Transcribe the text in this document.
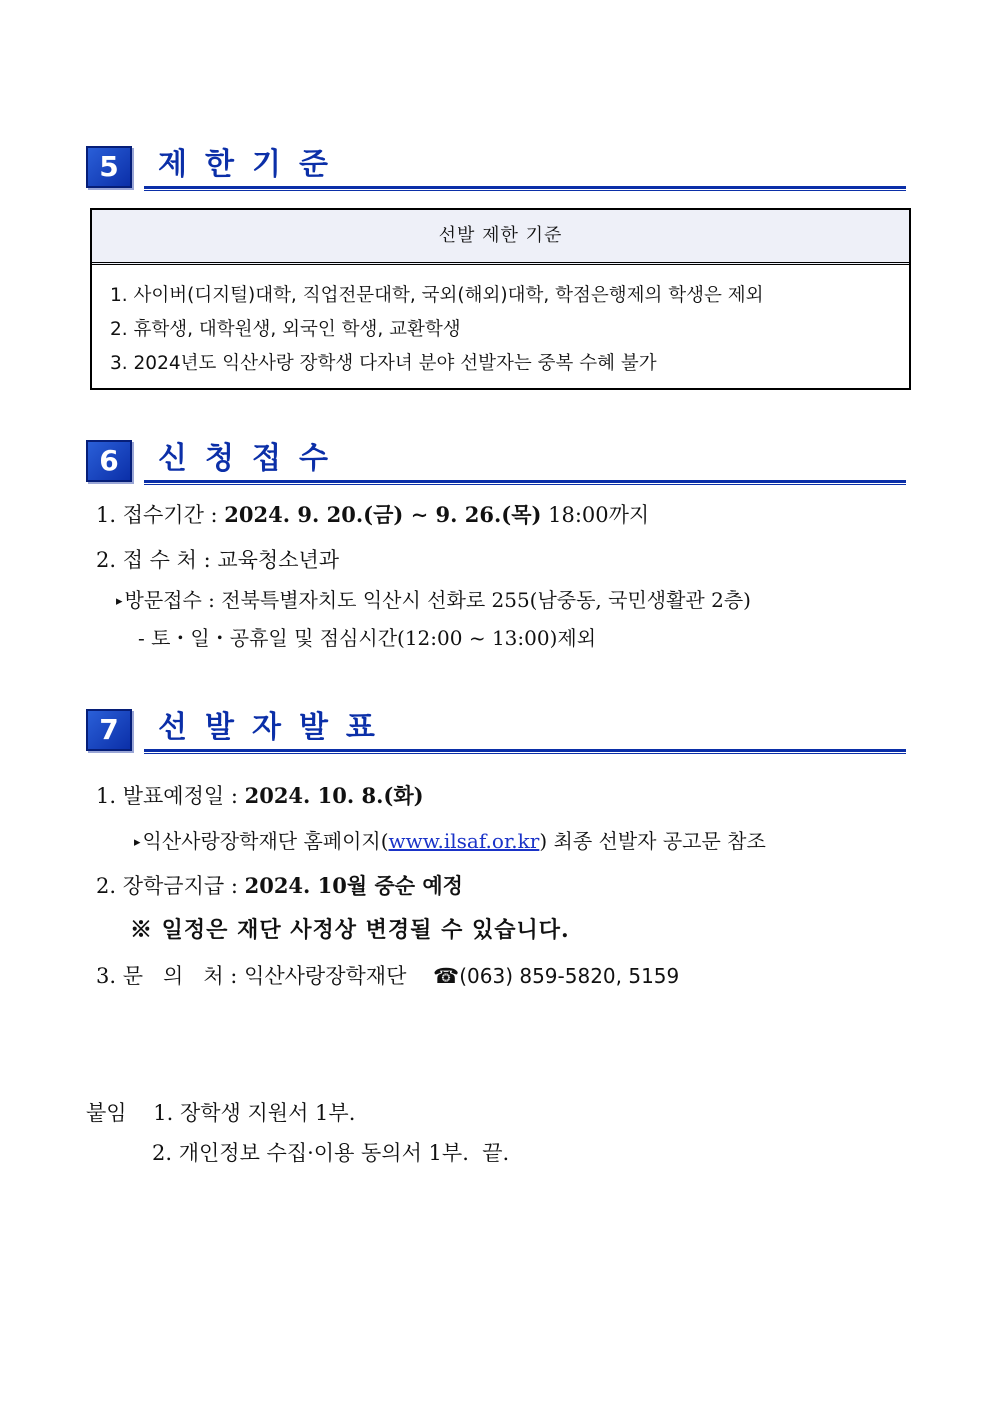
5	제한기준
선발 제한 기준
1. 사이버(디지털)대학, 직업전문대학, 국외(해외)대학, 학점은행제의 학생은 제외
2. 휴학생, 대학원생, 외국인 학생, 교환학생
3. 2024년도 익산사랑 장학생 다자녀 분야 선발자는 중복 수혜 불가
6	신청접수
1. 접수기간 : 2024. 9. 20.(금) ∼ 9. 26.(목) 18:00까지
2. 접 수 처 : 교육청소년과
▸ 방문접수 : 전북특별자치도 익산시 선화로 255(남중동, 국민생활관 2층)
- 토・일・공휴일 및 점심시간(12:00 ~ 13:00)제외
7	선발자발표
1. 발표예정일 : 2024. 10. 8.(화)
▸ 익산사랑장학재단 홈페이지(www.ilsaf.or.kr) 최종 선발자 공고문 참조
2. 장학금지급 : 2024. 10월 중순 예정
※ 일정은 재단 사정상 변경될 수 있습니다.
3. 문   의   처 : 익산사랑장학재단 ☎(063) 859-5820, 5159
붙임 1. 장학생 지원서 1부.
2. 개인정보 수집·이용 동의서 1부.  끝.
